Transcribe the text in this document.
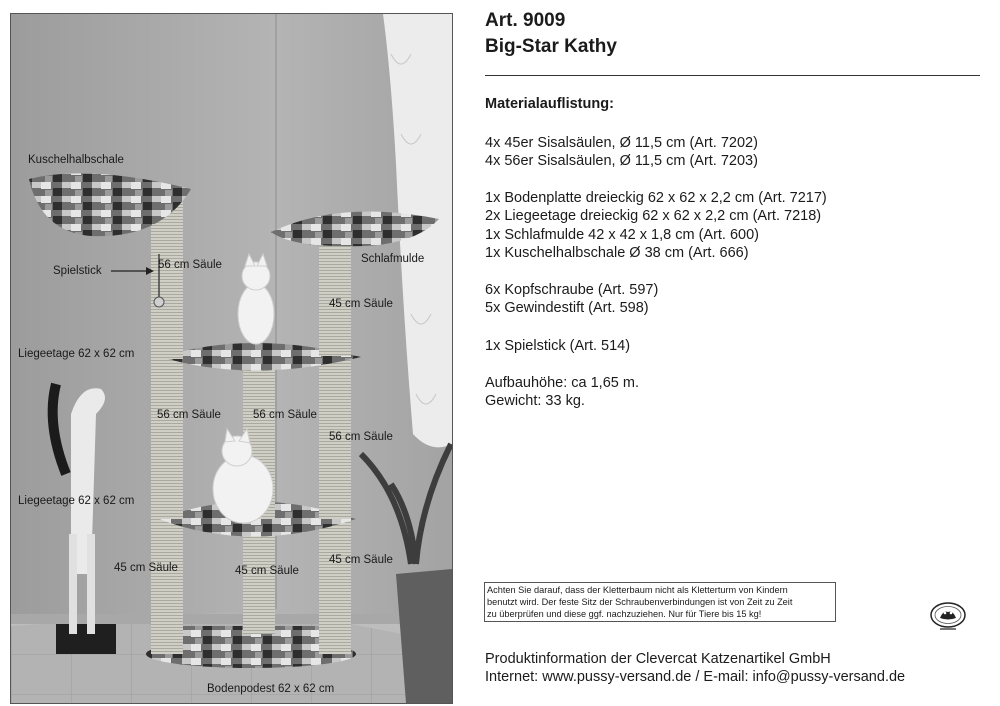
Kuschelhalbschale
Spielstick	56 cm Säule	Schlafmulde
45 cm Säule
Liegeetage 62 x 62 cm
56 cm Säule	56 cm Säule
56 cm Säule
Liegeetage 62 x 62 cm
45 cm Säule	45 cm Säule
45 cm Säule
Bodenpodest 62 x 62 cm
Art. 9009
Big-Star Kathy
Materialauflistung:
4x 45er Sisalsäulen, Ø 11,5 cm (Art. 7202)
4x 56er Sisalsäulen, Ø 11,5 cm (Art. 7203)
1x Bodenplatte dreieckig 62 x 62 x 2,2 cm (Art. 7217)
2x Liegeetage dreieckig 62 x 62 x 2,2 cm (Art. 7218)
1x Schlafmulde 42 x 42 x 1,8 cm (Art. 600)
1x Kuschelhalbschale Ø 38 cm (Art. 666)
6x Kopfschraube (Art. 597)
5x Gewindestift (Art. 598)
1x Spielstick (Art. 514)
Aufbauhöhe: ca 1,65 m.
Gewicht: 33 kg.
Achten Sie darauf, dass der Kletterbaum nicht als Kletterturm von Kindern
benutzt wird. Der feste Sitz der Schraubenverbindungen ist von Zeit zu Zeit
zu überprüfen und diese ggf. nachzuziehen. Nur für Tiere bis 15 kg!
Produktinformation der Clevercat Katzenartikel GmbH
Internet: www.pussy-versand.de / E-mail: info@pussy-versand.de
